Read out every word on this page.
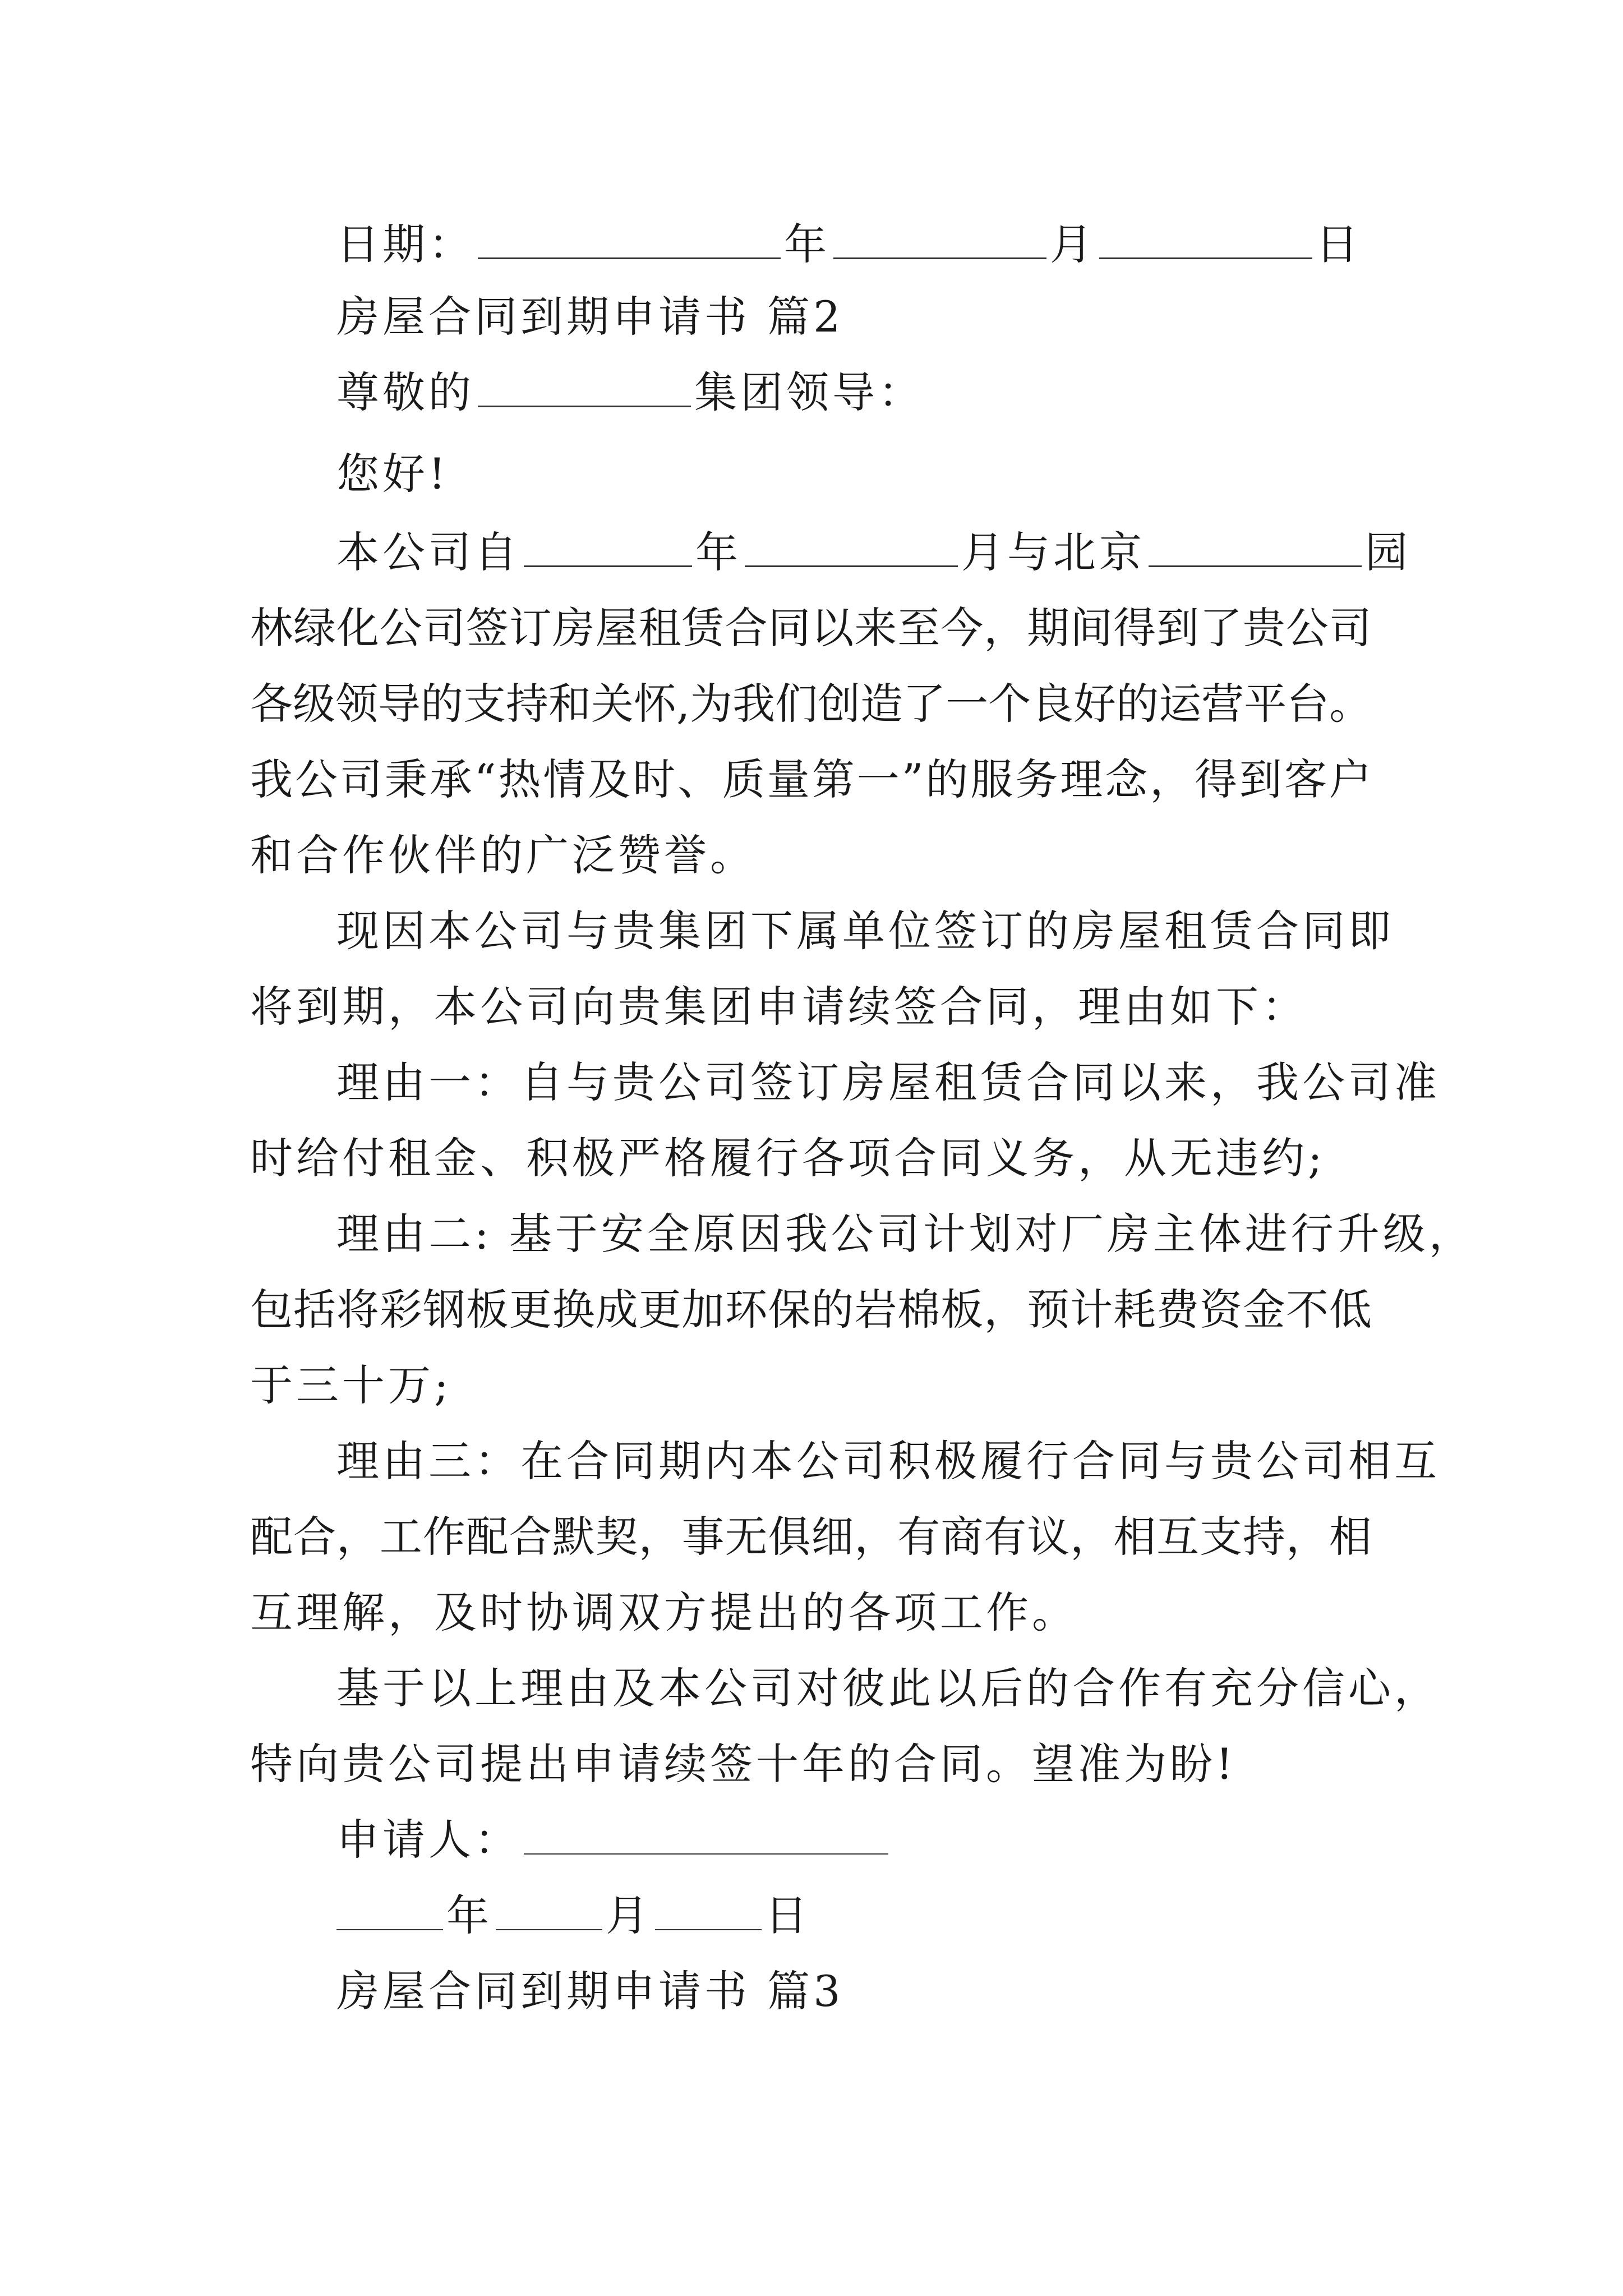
日期：	年	月	日
房屋合同到期申请书 篇2
尊敬的	集团领导：
您好!
本公司自	年	月与北京	园
林 绿 化 公 司 签 订 房 屋 租 赁 合 同 以 来 至 今 ， 期 间 得 到 了 贵 公 司
各 级 领 导 的 支 持 和 关 怀 , 为 我 们 创 造 了 一 个 良 好 的 运 营 平 台 。
我 公 司 秉 承 “ 热 情 及 时 、 质 量 第 一 ” 的 服 务 理 念 ， 得 到 客 户
和合作伙伴的广泛赞誉。
现因本公司与贵集团下属单位签订的房屋租赁合同即
将到期，本公司向贵集团申请续签合同，理由如下：
理由一：自与贵公司签订房屋租赁合同以来，我公司准
时给付租金、积极严格履行各项合同义务，从无违约;
理由二: 基于安全原因我公司计划对厂房主体进行升级，
包 括 将 彩 钢 板 更 换 成 更 加 环 保 的 岩 棉 板 ， 预 计 耗 费 资 金 不 低
于三十万;
理由三：在合同期内本公司积极履行合同与贵公司相互
配 合 ， 工 作 配 合 默 契 ， 事 无 俱 细 ， 有 商 有 议 ， 相 互 支 持 ， 相
互理解，及时协调双方提出的各项工作。
基于以上理由及本公司对彼此以后的合作有充分信心，
特向贵公司提出申请续签十年的合同。望准为盼!
申请人：
年	月	日
房屋合同到期申请书 篇3
